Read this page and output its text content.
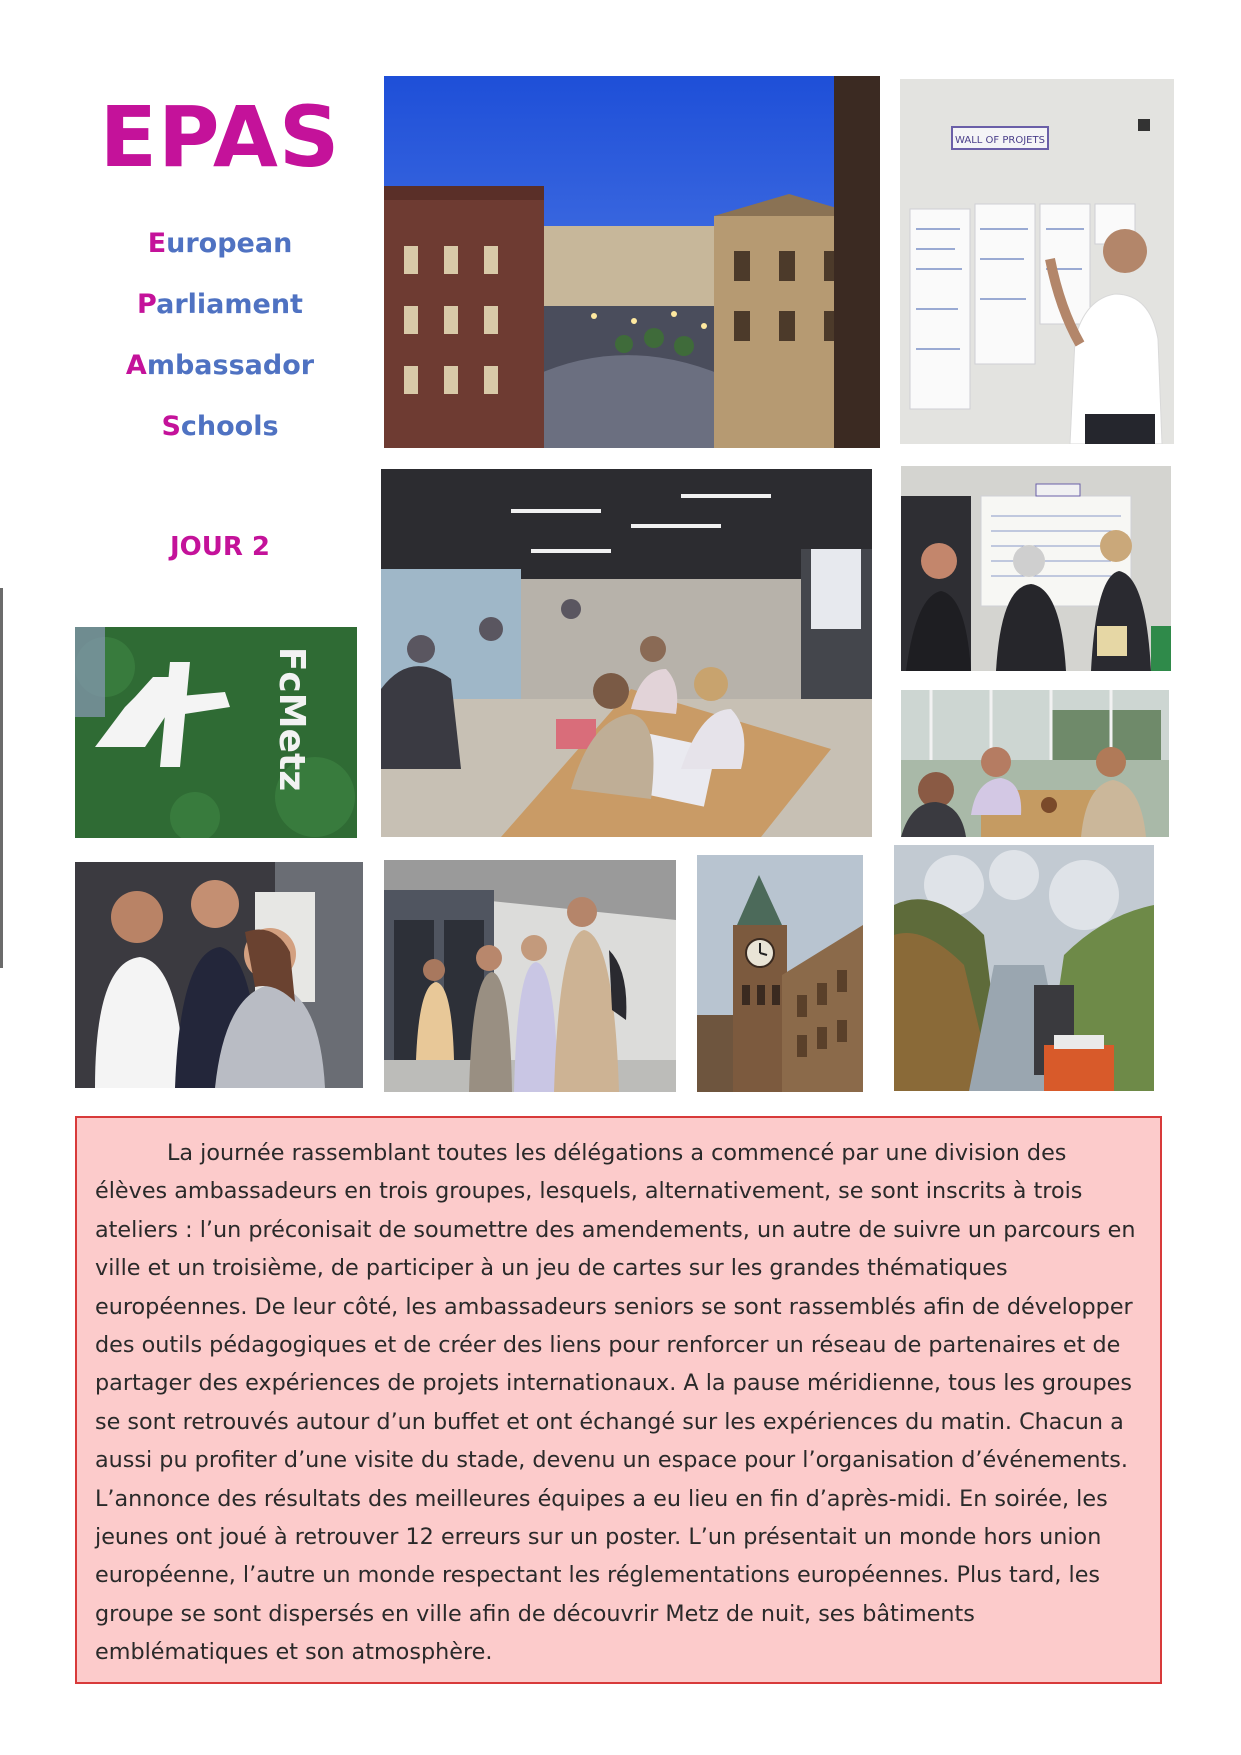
EPAS
European
Parliament
Ambassador
Schools
JOUR 2
WALL OF PROJETS
FcMetz

La journée rassemblant toutes les délégations a commencé par une division des élèves ambassadeurs en trois groupes, lesquels, alternativement, se sont inscrits à trois ateliers : l’un préconisait de soumettre des amendements, un autre de suivre un parcours en ville et un troisième, de participer à un jeu de cartes sur les grandes thématiques européennes. De leur côté, les ambassadeurs seniors se sont rassemblés afin de développer des outils pédagogiques et de créer des liens pour renforcer un réseau de partenaires et de partager des expériences de projets internationaux. A la pause méridienne, tous les groupes se sont retrouvés autour d’un buffet et ont échangé sur les expériences du matin. Chacun a aussi pu profiter d’une visite du stade, devenu un espace pour l’organisation d’événements. L’annonce des résultats des meilleures équipes a eu lieu en fin d’après-midi. En soirée, les jeunes ont joué à retrouver 12 erreurs sur un poster. L’un présentait un monde hors union européenne, l’autre un monde respectant les réglementations européennes. Plus tard, les groupe se sont dispersés en ville afin de découvrir Metz de nuit, ses bâtiments emblématiques et son atmosphère.
